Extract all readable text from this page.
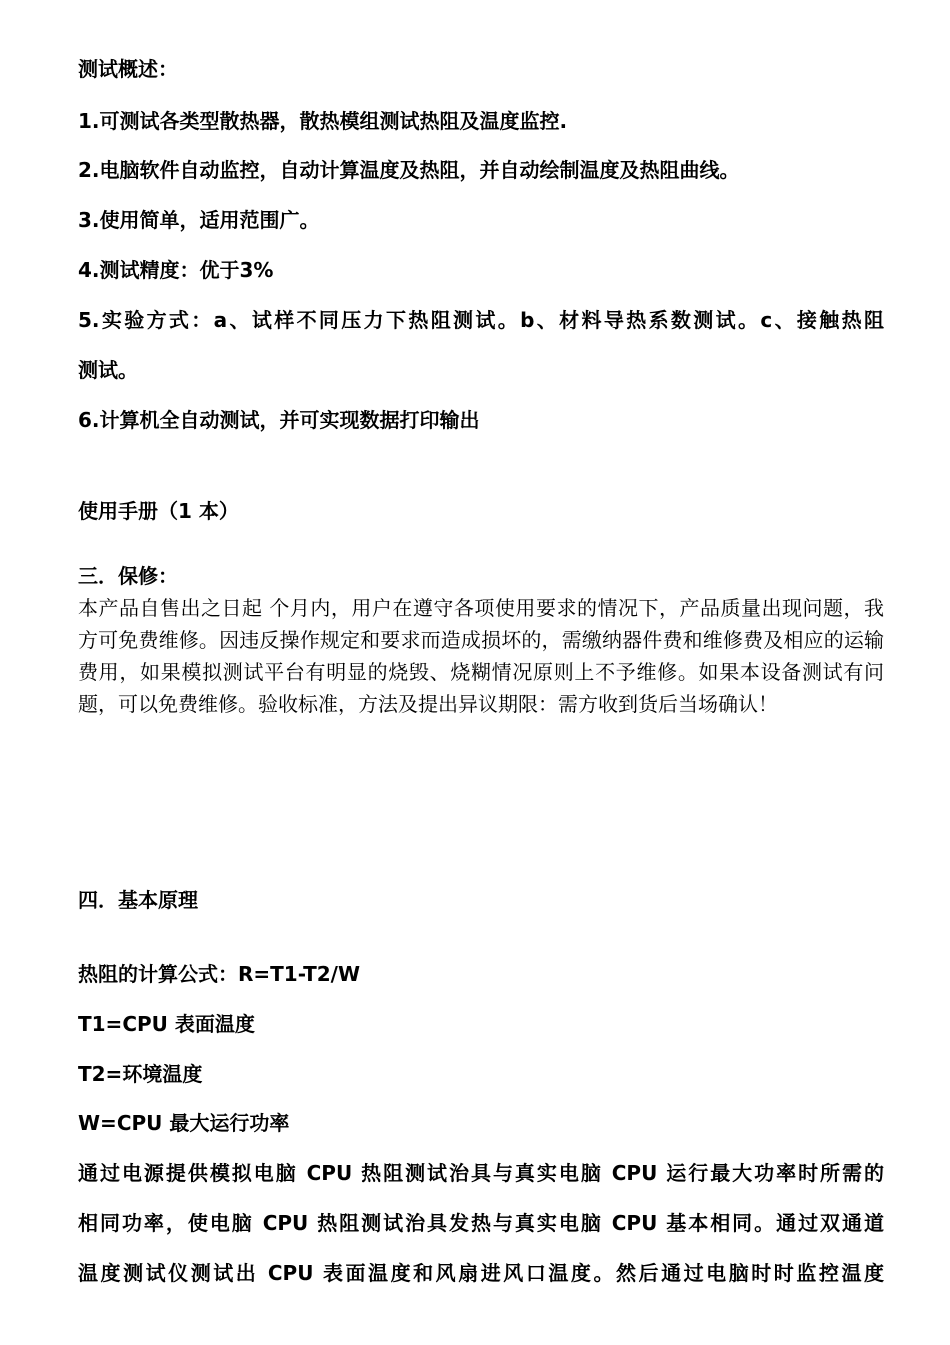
测试概述：
1.可测试各类型散热器，散热模组测试热阻及温度监控.
2.电脑软件自动监控，自动计算温度及热阻，并自动绘制温度及热阻曲线。
3.使用简单，适用范围广。
4.测试精度：优于3%
5.实验方式：a、试样不同压力下热阻测试。b、材料导热系数测试。c、接触热阻
测试。
6.计算机全自动测试，并可实现数据打印输出
使用手册（1 本）
三．保修：
本产品自售出之日起 个月内，用户在遵守各项使用要求的情况下，产品质量出现问题，我方可免费维修。因违反操作规定和要求而造成损坏的，需缴纳器件费和维修费及相应的运输费用，如果模拟测试平台有明显的烧毁、烧糊情况原则上不予维修。如果本设备测试有问题，可以免费维修。验收标准，方法及提出异议期限：需方收到货后当场确认！
四．基本原理
热阻的计算公式：R=T1-T2/W
T1=CPU 表面温度
T2=环境温度
W=CPU 最大运行功率
通过电源提供模拟电脑 CPU 热阻测试治具与真实电脑 CPU 运行最大功率时所需的
相同功率，使电脑 CPU 热阻测试治具发热与真实电脑 CPU 基本相同。通过双通道
温度测试仪测试出 CPU 表面温度和风扇进风口温度。然后通过电脑时时监控温度
